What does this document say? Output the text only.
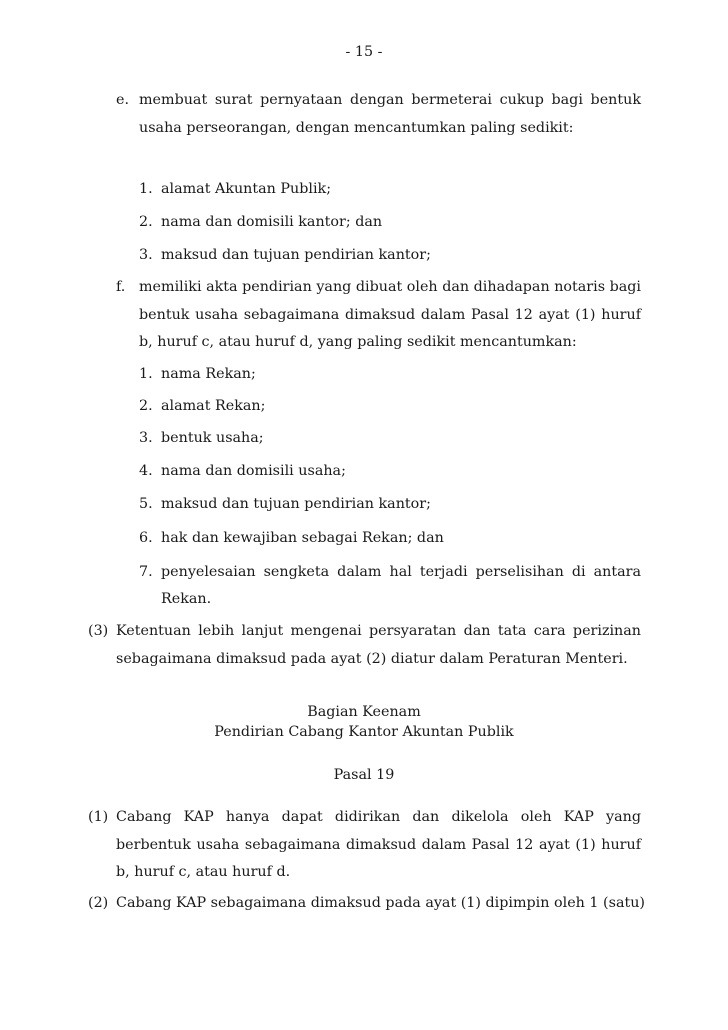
- 15 -
e. membuat surat pernyataan dengan bermeterai cukup bagi bentuk
usaha perseorangan, dengan mencantumkan paling sedikit:
1. alamat Akuntan Publik;
2. nama dan domisili kantor; dan
3. maksud dan tujuan pendirian kantor;
f. memiliki akta pendirian yang dibuat oleh dan dihadapan notaris bagi
bentuk usaha sebagaimana dimaksud dalam Pasal 12 ayat (1) huruf
b, huruf c, atau huruf d, yang paling sedikit mencantumkan:
1. nama Rekan;
2. alamat Rekan;
3. bentuk usaha;
4. nama dan domisili usaha;
5. maksud dan tujuan pendirian kantor;
6. hak dan kewajiban sebagai Rekan; dan
7. penyelesaian sengketa dalam hal terjadi perselisihan di antara
Rekan.
(3) Ketentuan lebih lanjut mengenai persyaratan dan tata cara perizinan
sebagaimana dimaksud pada ayat (2) diatur dalam Peraturan Menteri.
Bagian Keenam
Pendirian Cabang Kantor Akuntan Publik
Pasal 19
(1) Cabang KAP hanya dapat didirikan dan dikelola oleh KAP yang
berbentuk usaha sebagaimana dimaksud dalam Pasal 12 ayat (1) huruf
b, huruf c, atau huruf d.
(2) Cabang KAP sebagaimana dimaksud pada ayat (1) dipimpin oleh 1 (satu)
